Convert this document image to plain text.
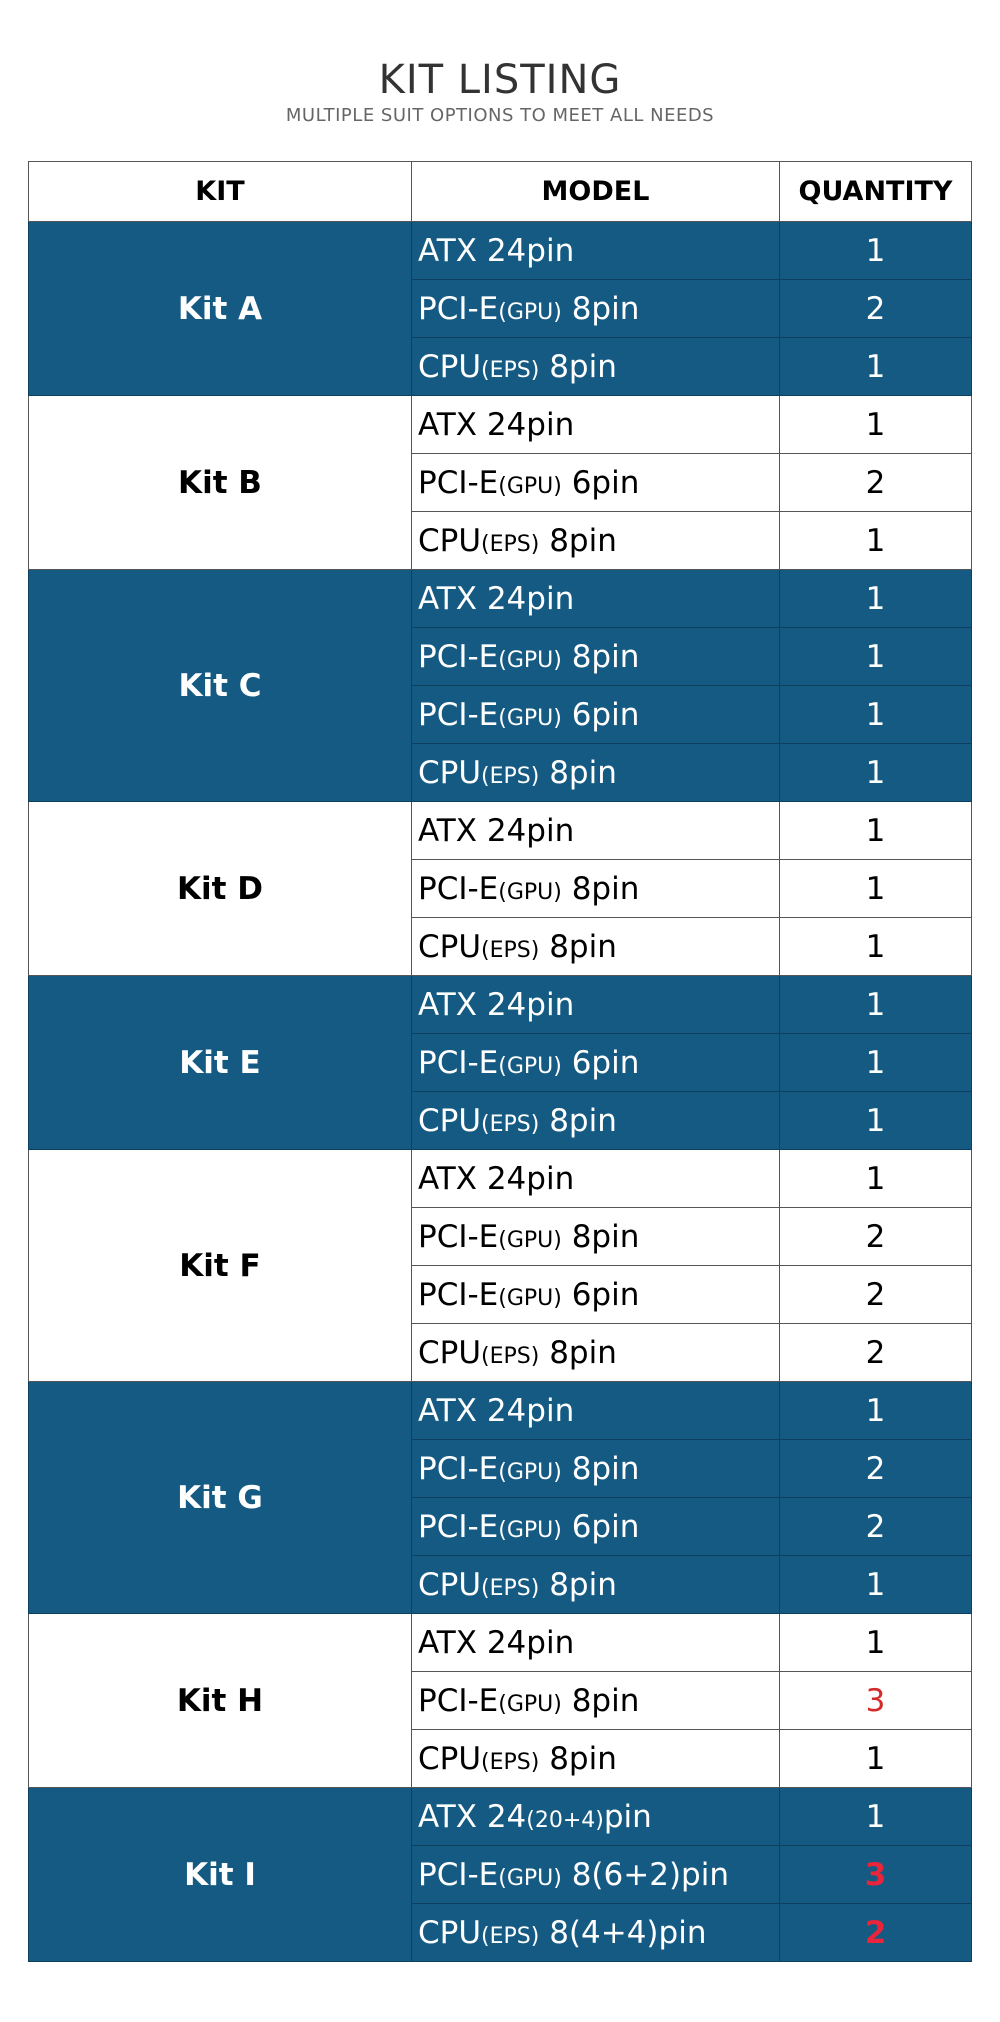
KIT LISTING
MULTIPLE SUIT OPTIONS TO MEET ALL NEEDS
KIT	MODEL	QUANTITY
Kit A	ATX 24pin	1
	PCI-E(GPU) 8pin	2
	CPU(EPS) 8pin	1
Kit B	ATX 24pin	1
	PCI-E(GPU) 6pin	2
	CPU(EPS) 8pin	1
Kit C	ATX 24pin	1
	PCI-E(GPU) 8pin	1
	PCI-E(GPU) 6pin	1
	CPU(EPS) 8pin	1
Kit D	ATX 24pin	1
	PCI-E(GPU) 8pin	1
	CPU(EPS) 8pin	1
Kit E	ATX 24pin	1
	PCI-E(GPU) 6pin	1
	CPU(EPS) 8pin	1
Kit F	ATX 24pin	1
	PCI-E(GPU) 8pin	2
	PCI-E(GPU) 6pin	2
	CPU(EPS) 8pin	2
Kit G	ATX 24pin	1
	PCI-E(GPU) 8pin	2
	PCI-E(GPU) 6pin	2
	CPU(EPS) 8pin	1
Kit H	ATX 24pin	1
	PCI-E(GPU) 8pin	3
	CPU(EPS) 8pin	1
Kit I	ATX 24(20+4)pin	1
	PCI-E(GPU) 8(6+2)pin	3
	CPU(EPS) 8(4+4)pin	2
